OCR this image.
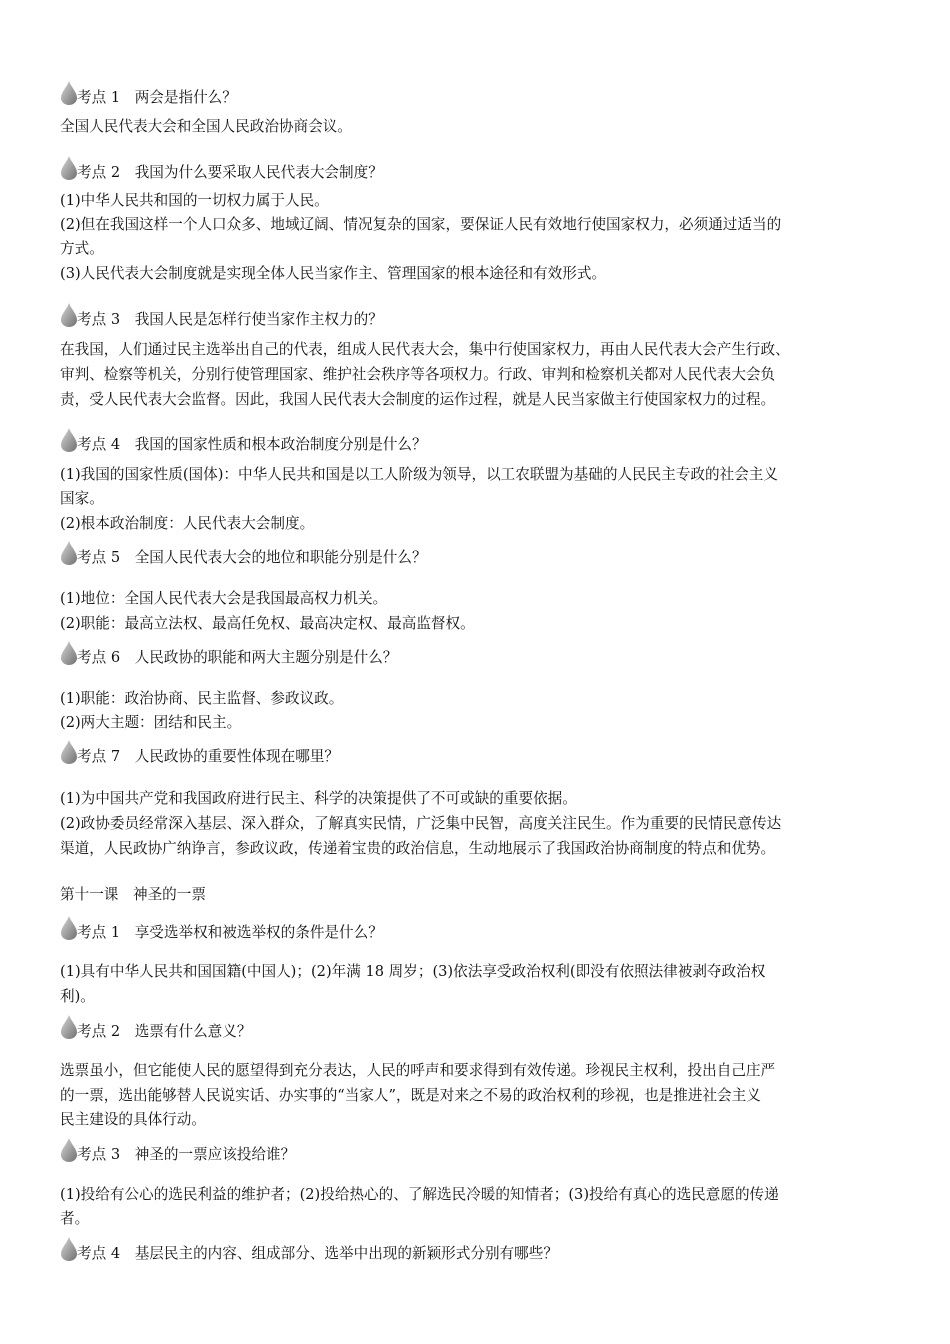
考点 1　两会是指什么？
全国人民代表大会和全国人民政治协商会议。
考点 2　我国为什么要采取人民代表大会制度？
(1)中华人民共和国的一切权力属于人民。
(2)但在我国这样一个人口众多、地域辽阔、情况复杂的国家，要保证人民有效地行使国家权力，必须通过适当的
方式。
(3)人民代表大会制度就是实现全体人民当家作主、管理国家的根本途径和有效形式。
考点 3　我国人民是怎样行使当家作主权力的？
在我国，人们通过民主选举出自己的代表，组成人民代表大会，集中行使国家权力，再由人民代表大会产生行政、
审判、检察等机关，分别行使管理国家、维护社会秩序等各项权力。行政、审判和检察机关都对人民代表大会负
责，受人民代表大会监督。因此，我国人民代表大会制度的运作过程，就是人民当家做主行使国家权力的过程。
考点 4　我国的国家性质和根本政治制度分别是什么？
(1)我国的国家性质(国体)：中华人民共和国是以工人阶级为领导，以工农联盟为基础的人民民主专政的社会主义
国家。
(2)根本政治制度：人民代表大会制度。
考点 5　全国人民代表大会的地位和职能分别是什么？
(1)地位：全国人民代表大会是我国最高权力机关。
(2)职能：最高立法权、最高任免权、最高决定权、最高监督权。
考点 6　人民政协的职能和两大主题分别是什么？
(1)职能：政治协商、民主监督、参政议政。
(2)两大主题：团结和民主。
考点 7　人民政协的重要性体现在哪里？
(1)为中国共产党和我国政府进行民主、科学的决策提供了不可或缺的重要依据。
(2)政协委员经常深入基层、深入群众，了解真实民情，广泛集中民智，高度关注民生。作为重要的民情民意传达
渠道，人民政协广纳诤言，参政议政，传递着宝贵的政治信息，生动地展示了我国政治协商制度的特点和优势。
第十一课　神圣的一票
考点 1　享受选举权和被选举权的条件是什么？
(1)具有中华人民共和国国籍(中国人)；(2)年满 18 周岁；(3)依法享受政治权利(即没有依照法律被剥夺政治权
利)。
考点 2　选票有什么意义？
选票虽小，但它能使人民的愿望得到充分表达，人民的呼声和要求得到有效传递。珍视民主权利，投出自己庄严
的一票，选出能够替人民说实话、办实事的“当家人”，既是对来之不易的政治权利的珍视，也是推进社会主义
民主建设的具体行动。
考点 3　神圣的一票应该投给谁？
(1)投给有公心的选民利益的维护者；(2)投给热心的、了解选民冷暖的知情者；(3)投给有真心的选民意愿的传递
者。
考点 4　基层民主的内容、组成部分、选举中出现的新颖形式分别有哪些？
